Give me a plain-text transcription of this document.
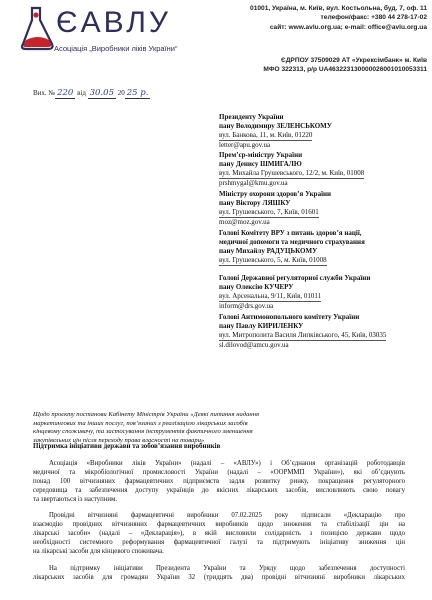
ЄАВЛУ
Асоціація „Виробники ліків України“
01001, Україна, м. Київ, вул. Костьольна, буд. 7, оф. 11
телефон/факс: +380 44 278-17-02
сайт: www.avlu.org.ua; e-mail: office@avlu.org.ua
ЄДРПОУ 37509029 АТ «Укрексімбанк» м. Київ
МФО 322313, р/р UA463223130000026001010053311
Вих. № 220 від 30.05 20 25 р.
Президенту України
пану Володимиру ЗЕЛЕНСЬКОМУ
вул. Банкова, 11, м. Київ, 01220
letter@apu.gov.ua
Прем’єр-міністру України
пану Денису ШМИГАЛЮ
вул. Михайла Грушевського, 12/2, м. Київ, 01008
prshmygal@kmu.gov.ua
Міністру охорони здоров’я України
пану Віктору ЛЯШКУ
вул. Грушевського, 7, Київ, 01601
moz@moz.gov.ua
Голові Комітету ВРУ з питань здоров’я нації,
медичної допомоги та медичного страхування
пану Михайлу РАДУЦЬКОМУ
вул. Грушевського, 5, м. Київ, 01008
Голові Державної регуляторної служби України
пану Олексію КУЧЕРУ
вул. Арсенальна, 9/11, Київ, 01011
inform@drs.gov.ua
Голові Антимонопольного комітету України
пану Павлу КИРИЛЕНКУ
вул. Митрополита Василя Липківського, 45, Київ, 03035
sl.dilovod@amcu.gov.ua
Щодо проєкту постанови Кабінету Міністрів України «Деякі питання надання маркетингових та інших послуг, пов’язаних з реалізацією лікарських засобів кінцевому споживачу, та застосування інструментів фактичного зменшення закупівельних цін після переходу права власності на товари»
Підтримка ініціативи держави та зобов’язання виробників
Асоціація «Виробники ліків України» (надалі – «АВЛУ») і Об’єднання організацій роботодавців
медичної та мікробіологічної промисловості України (надалі – «ООРММП України»), які об’єднують
понад 100 вітчизняних фармацевтичних підприємств задля розвитку ринку, покращення регуляторного
середовища та забезпечення доступу українців до якісних лікарських засобів, висловлюють свою повагу
та звертаються із наступним.
Провідні вітчизняні фармацевтичні виробники 07.02.2025 року підписали «Декларацію про
взаємодію провідних вітчизняних фармацевтичних виробників щодо зниження та стабілізації цін на
лікарські засоби» (надалі – «Декларація»), в якій висловили солідарність з позицією держави щодо
необхідності системного реформування фармацевтичної галузі та підтримують ініціативу зниження цін
на лікарські засоби для кінцевого споживача.
На підтримку ініціативи Президента України та Уряду щодо забезпечення доступності
лікарських засобів для громадян України 32 (тридцять два) провідні вітчизняні виробники лікарських
